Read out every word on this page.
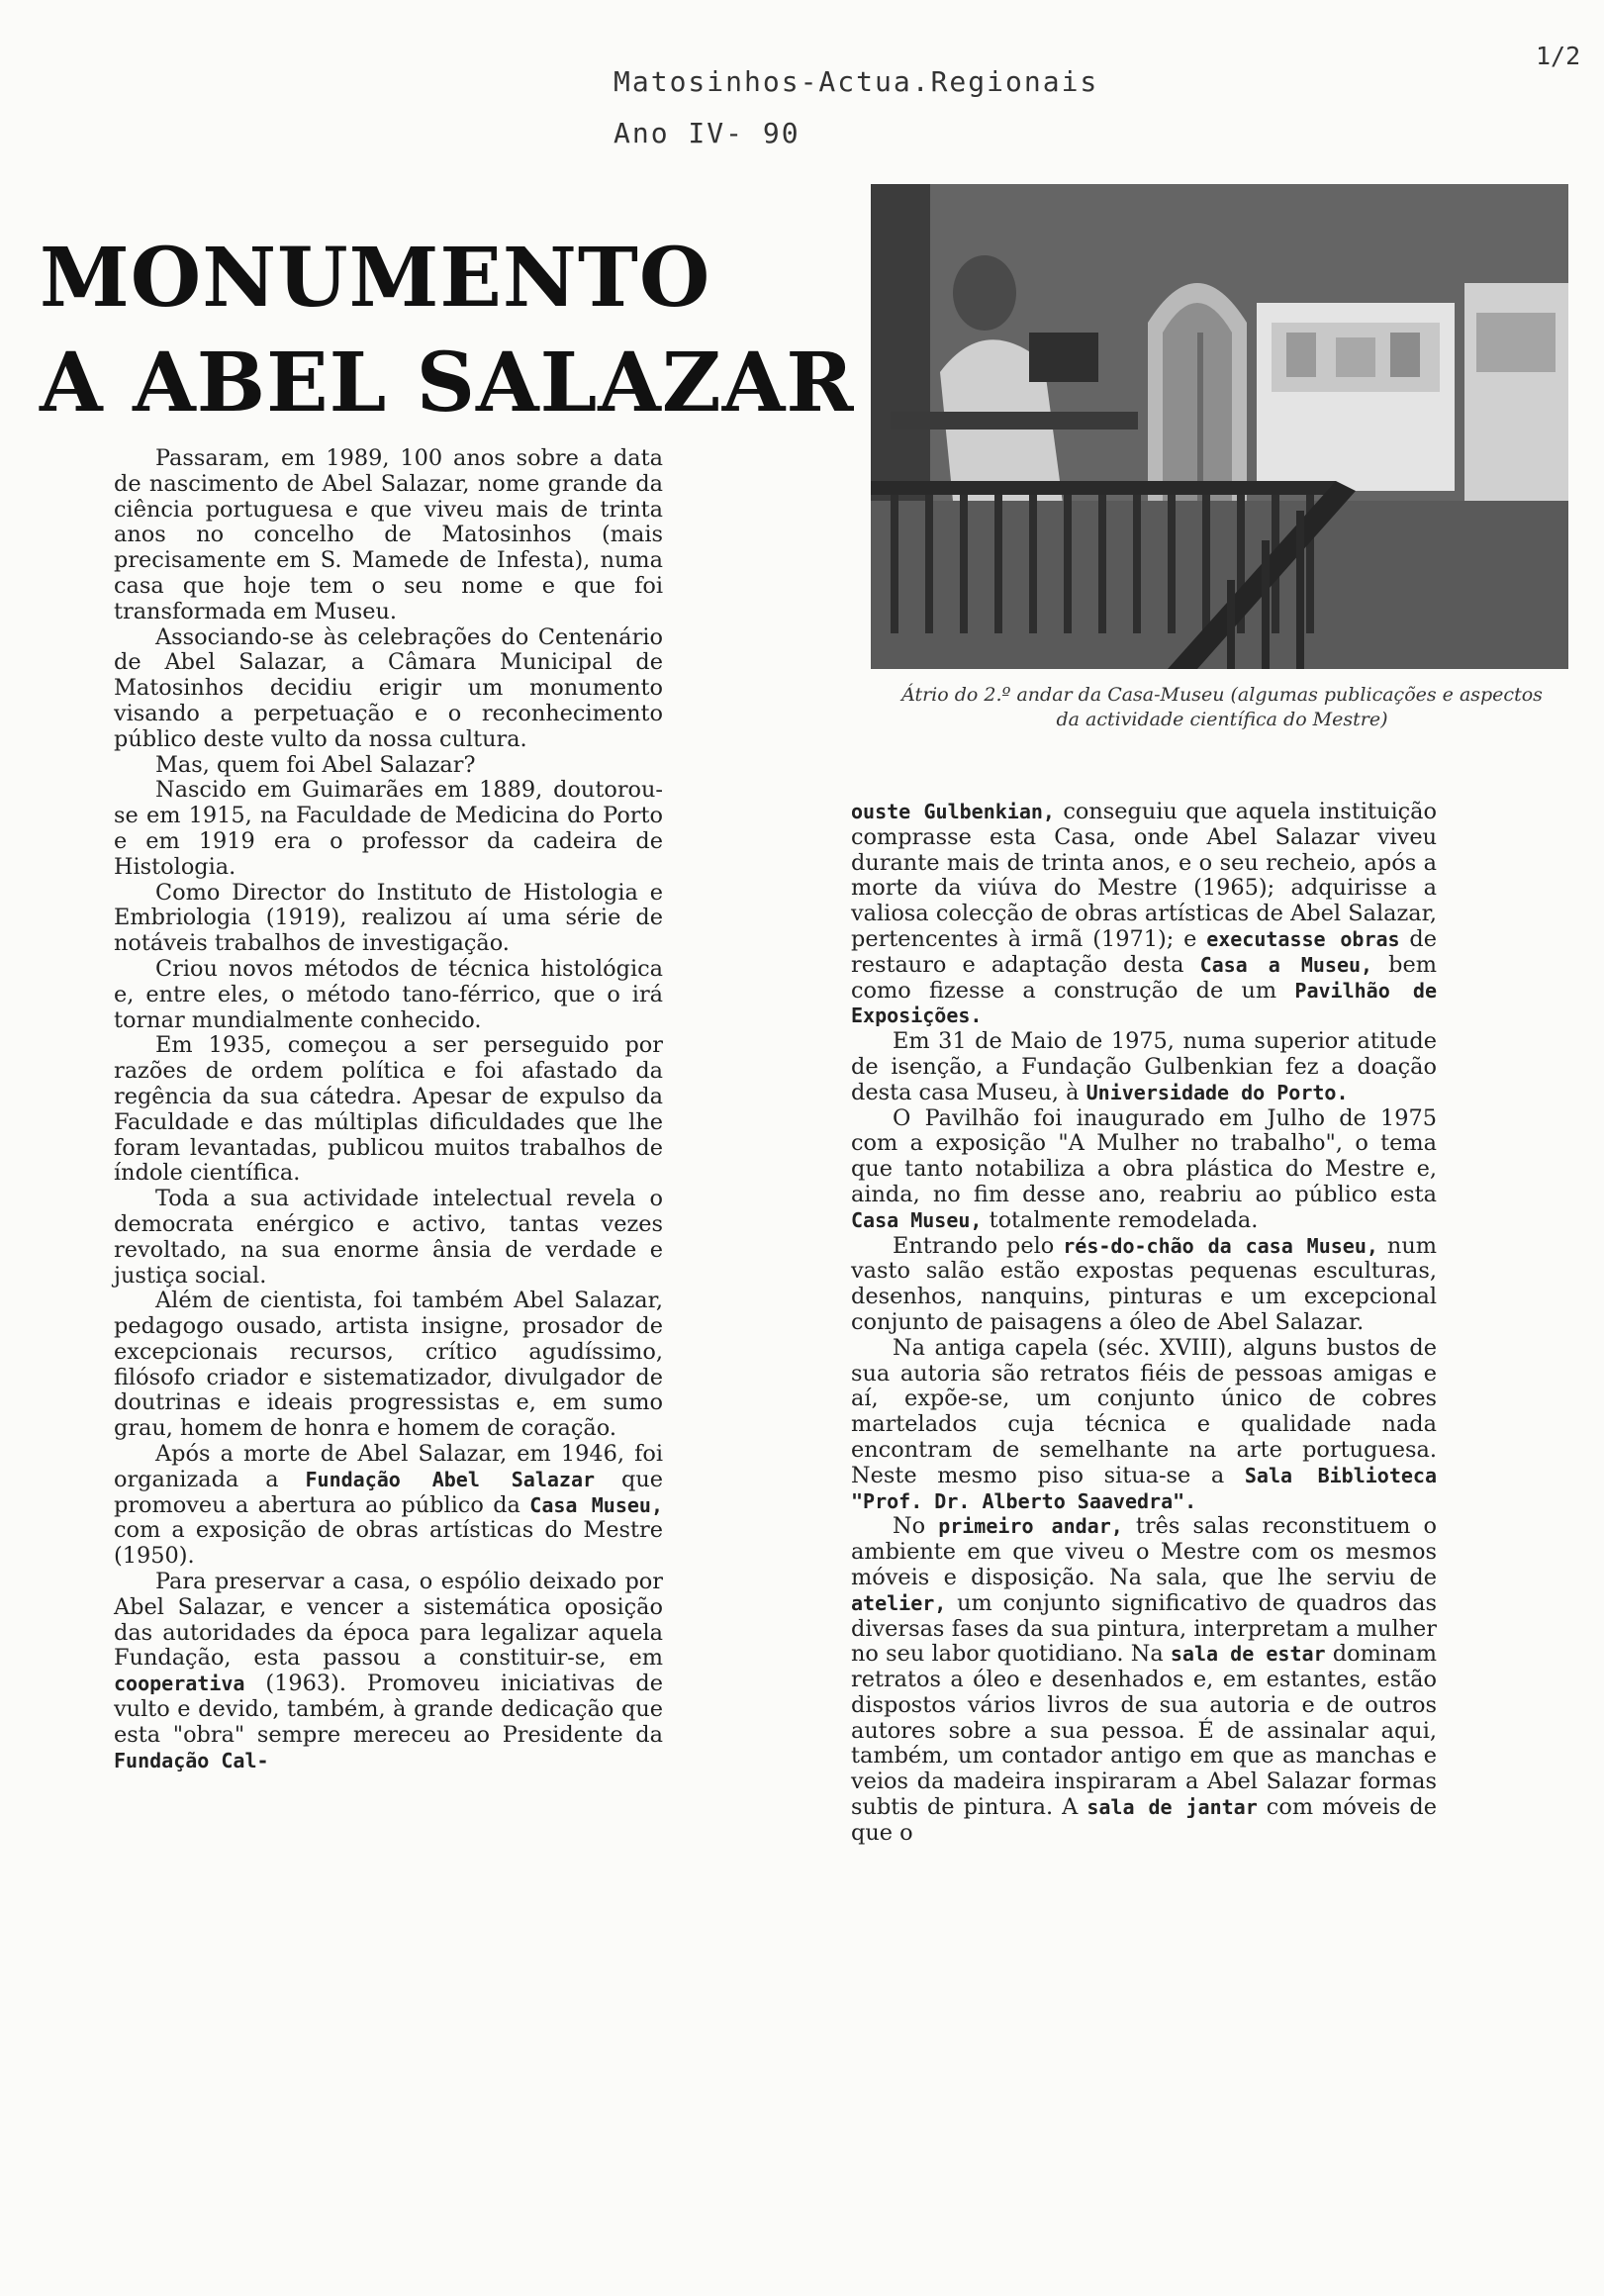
1/2
Matosinhos-Actua.Regionais
Ano IV- 90
MONUMENTO
A ABEL SALAZAR
Átrio do 2.º andar da Casa-Museu (algumas publicações e aspectos da actividade científica do Mestre)

Passaram, em 1989, 100 anos sobre a data de nascimento de Abel Salazar, nome grande da ciência portuguesa e que viveu mais de trinta anos no concelho de Matosinhos (mais precisamente em S. Mamede de Infesta), numa casa que hoje tem o seu nome e que foi transformada em Museu.

Associando-se às celebrações do Centenário de Abel Salazar, a Câmara Municipal de Matosinhos decidiu erigir um monumento visando a perpetuação e o reconhecimento público deste vulto da nossa cultura.

Mas, quem foi Abel Salazar?

Nascido em Guimarães em 1889, doutorou-se em 1915, na Faculdade de Medicina do Porto e em 1919 era o professor da cadeira de Histologia.

Como Director do Instituto de Histologia e Embriologia (1919), realizou aí uma série de notáveis trabalhos de investigação.

Criou novos métodos de técnica histológica e, entre eles, o método tano-férrico, que o irá tornar mundialmente conhecido.

Em 1935, começou a ser perseguido por razões de ordem política e foi afastado da regência da sua cátedra. Apesar de expulso da Faculdade e das múltiplas dificuldades que lhe foram levantadas, publicou muitos trabalhos de índole científica.

Toda a sua actividade intelectual revela o democrata enérgico e activo, tantas vezes revoltado, na sua enorme ânsia de verdade e justiça social.

Além de cientista, foi também Abel Salazar, pedagogo ousado, artista insigne, prosador de excepcionais recursos, crítico agudíssimo, filósofo criador e sistematizador, divulgador de doutrinas e ideais progressistas e, em sumo grau, homem de honra e homem de coração.

Após a morte de Abel Salazar, em 1946, foi organizada a Fundação Abel Salazar que promoveu a abertura ao público da Casa Museu, com a exposição de obras artísticas do Mestre (1950).

Para preservar a casa, o espólio deixado por Abel Salazar, e vencer a sistemática oposição das autoridades da época para legalizar aquela Fundação, esta passou a constituir-se, em cooperativa (1963). Promoveu iniciativas de vulto e devido, também, à grande dedicação que esta "obra" sempre mereceu ao Presidente da Fundação Cal-

ouste Gulbenkian, conseguiu que aquela instituição comprasse esta Casa, onde Abel Salazar viveu durante mais de trinta anos, e o seu recheio, após a morte da viúva do Mestre (1965); adquirisse a valiosa colecção de obras artísticas de Abel Salazar, pertencentes à irmã (1971); e executasse obras de restauro e adaptação desta Casa a Museu, bem como fizesse a construção de um Pavilhão de Exposições.

Em 31 de Maio de 1975, numa superior atitude de isenção, a Fundação Gulbenkian fez a doação desta casa Museu, à Universidade do Porto.

O Pavilhão foi inaugurado em Julho de 1975 com a exposição "A Mulher no trabalho", o tema que tanto notabiliza a obra plástica do Mestre e, ainda, no fim desse ano, reabriu ao público esta Casa Museu, totalmente remodelada.

Entrando pelo rés-do-chão da casa Museu, num vasto salão estão expostas pequenas esculturas, desenhos, nanquins, pinturas e um excepcional conjunto de paisagens a óleo de Abel Salazar.

Na antiga capela (séc. XVIII), alguns bustos de sua autoria são retratos fiéis de pessoas amigas e aí, expõe-se, um conjunto único de cobres martelados cuja técnica e qualidade nada encontram de semelhante na arte portuguesa. Neste mesmo piso situa-se a Sala Biblioteca "Prof. Dr. Alberto Saavedra".

No primeiro andar, três salas reconstituem o ambiente em que viveu o Mestre com os mesmos móveis e disposição. Na sala, que lhe serviu de atelier, um conjunto significativo de quadros das diversas fases da sua pintura, interpretam a mulher no seu labor quotidiano. Na sala de estar dominam retratos a óleo e desenhados e, em estantes, estão dispostos vários livros de sua autoria e de outros autores sobre a sua pessoa. É de assinalar aqui, também, um contador antigo em que as manchas e veios da madeira inspiraram a Abel Salazar formas subtis de pintura. A sala de jantar com móveis de que o
